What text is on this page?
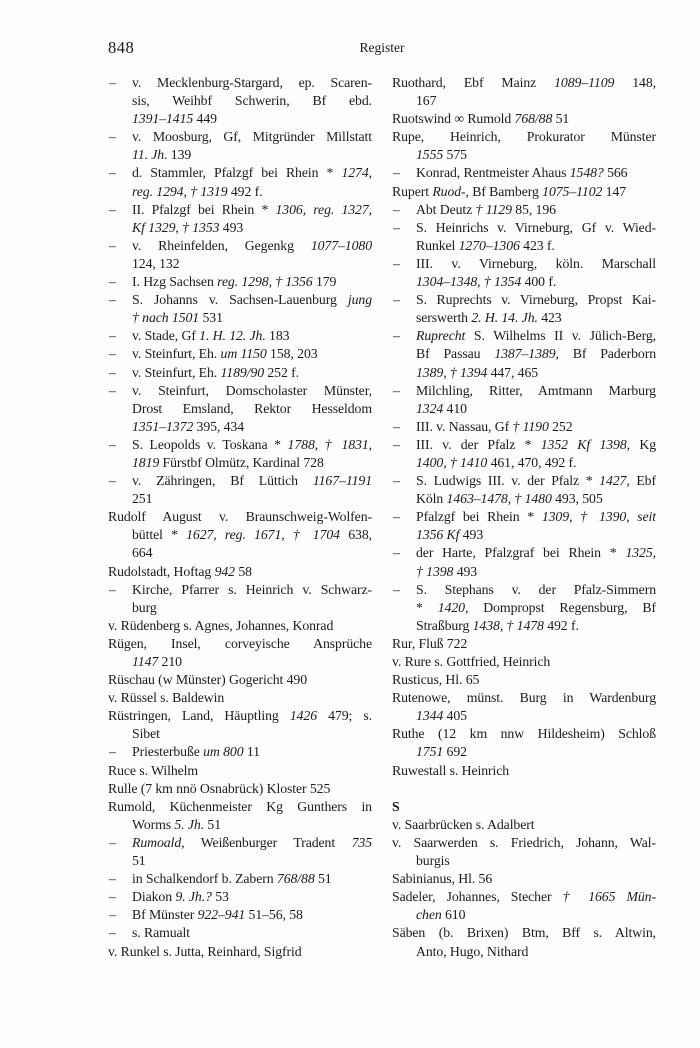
848	Register
– v. Mecklenburg-Stargard, ep. Scaren-
sis, Weihbf Schwerin, Bf ebd.
1391–1415 449
– v. Moosburg, Gf, Mitgründer Millstatt
11. Jh. 139
– d. Stammler, Pfalzgf bei Rhein * 1274,
reg. 1294, † 1319 492 f.
– II. Pfalzgf bei Rhein * 1306, reg. 1327,
Kf 1329, † 1353 493
– v. Rheinfelden, Gegenkg 1077–1080
124, 132
– I. Hzg Sachsen reg. 1298, † 1356 179
– S. Johanns v. Sachsen-Lauenburg jung
† nach 1501 531
– v. Stade, Gf 1. H. 12. Jh. 183
– v. Steinfurt, Eh. um 1150 158, 203
– v. Steinfurt, Eh. 1189/90 252 f.
– v. Steinfurt, Domscholaster Münster,
Drost Emsland, Rektor Hesseldom
1351–1372 395, 434
– S. Leopolds v. Toskana * 1788, † 1831,
1819 Fürstbf Olmütz, Kardinal 728
– v. Zähringen, Bf Lüttich 1167–1191
251
Rudolf August v. Braunschweig-Wolfen-
büttel * 1627, reg. 1671, † 1704 638,
664
Rudolstadt, Hoftag 942 58
– Kirche, Pfarrer s. Heinrich v. Schwarz-
burg
v. Rüdenberg s. Agnes, Johannes, Konrad
Rügen, Insel, corveyische Ansprüche
1147 210
Rüschau (w Münster) Gogericht 490
v. Rüssel s. Baldewin
Rüstringen, Land, Häuptling 1426 479; s.
Sibet
– Priesterbuße um 800 11
Ruce s. Wilhelm
Rulle (7 km nnö Osnabrück) Kloster 525
Rumold, Küchenmeister Kg Gunthers in
Worms 5. Jh. 51
– Rumoald, Weißenburger Tradent 735
51
– in Schalkendorf b. Zabern 768/88 51
– Diakon 9. Jh.? 53
– Bf Münster 922–941 51–56, 58
– s. Ramualt
v. Runkel s. Jutta, Reinhard, Sigfrid
Ruothard, Ebf Mainz 1089–1109 148,
167
Ruotswind ∞ Rumold 768/88 51
Rupe, Heinrich, Prokurator Münster
1555 575
– Konrad, Rentmeister Ahaus 1548? 566
Rupert Ruod-, Bf Bamberg 1075–1102 147
– Abt Deutz † 1129 85, 196
– S. Heinrichs v. Virneburg, Gf v. Wied-
Runkel 1270–1306 423 f.
– III. v. Virneburg, köln. Marschall
1304–1348, † 1354 400 f.
– S. Ruprechts v. Virneburg, Propst Kai-
serswerth 2. H. 14. Jh. 423
– Ruprecht S. Wilhelms II v. Jülich-Berg,
Bf Passau 1387–1389, Bf Paderborn
1389, † 1394 447, 465
– Milchling, Ritter, Amtmann Marburg
1324 410
– III. v. Nassau, Gf † 1190 252
– III. v. der Pfalz * 1352 Kf 1398, Kg
1400, † 1410 461, 470, 492 f.
– S. Ludwigs III. v. der Pfalz * 1427, Ebf
Köln 1463–1478, † 1480 493, 505
– Pfalzgf bei Rhein * 1309, † 1390, seit
1356 Kf 493
– der Harte, Pfalzgraf bei Rhein * 1325,
† 1398 493
– S. Stephans v. der Pfalz-Simmern
* 1420, Dompropst Regensburg, Bf
Straßburg 1438, † 1478 492 f.
Rur, Fluß 722
v. Rure s. Gottfried, Heinrich
Rusticus, Hl. 65
Rutenowe, münst. Burg in Wardenburg
1344 405
Ruthe (12 km nnw Hildesheim) Schloß
1751 692
Ruwestall s. Heinrich
S
v. Saarbrücken s. Adalbert
v. Saarwerden s. Friedrich, Johann, Wal-
burgis
Sabinianus, Hl. 56
Sadeler, Johannes, Stecher † 1665 Mün-
chen 610
Säben (b. Brixen) Btm, Bff s. Altwin,
Anto, Hugo, Nithard
